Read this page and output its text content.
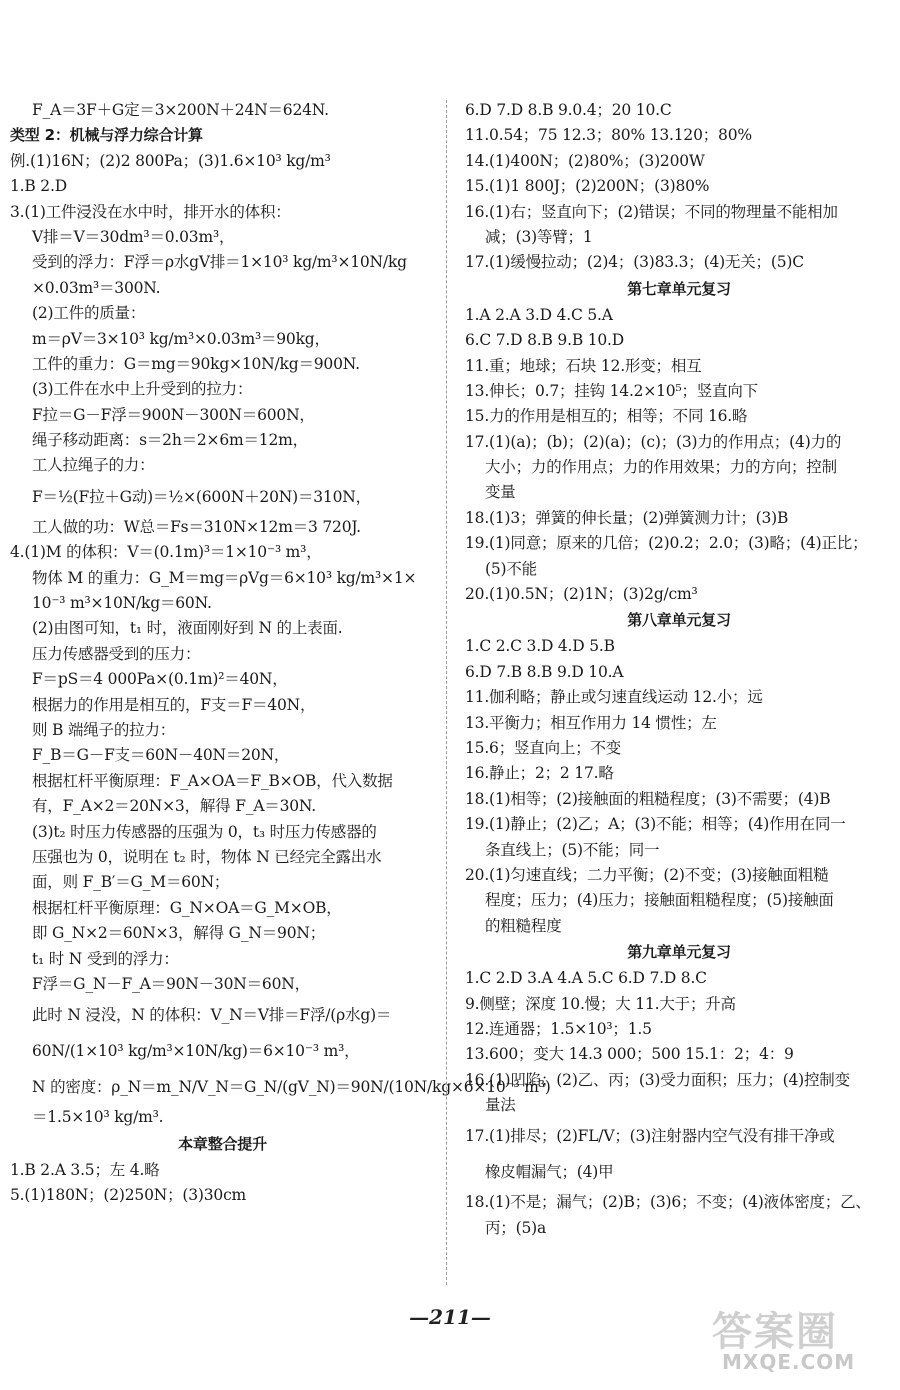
F_A＝3F＋G定＝3×200N＋24N＝624N.
类型 2：机械与浮力综合计算
例.(1)16N；(2)2 800Pa；(3)1.6×10³ kg/m³
1.B 2.D
3.(1)工件浸没在水中时，排开水的体积：
V排＝V＝30dm³＝0.03m³，
受到的浮力：F浮＝ρ水gV排＝1×10³ kg/m³×10N/kg
×0.03m³＝300N.
(2)工件的质量：
m＝ρV＝3×10³ kg/m³×0.03m³＝90kg，
工件的重力：G＝mg＝90kg×10N/kg＝900N.
(3)工件在水中上升受到的拉力：
F拉＝G－F浮＝900N－300N＝600N，
绳子移动距离：s＝2h＝2×6m＝12m，
工人拉绳子的力：
F＝½(F拉＋G动)＝½×(600N＋20N)＝310N，
工人做的功：W总＝Fs＝310N×12m＝3 720J.
4.(1)M 的体积：V＝(0.1m)³＝1×10⁻³ m³，
物体 M 的重力：G_M＝mg＝ρVg＝6×10³ kg/m³×1×
10⁻³ m³×10N/kg＝60N.
(2)由图可知，t₁ 时，液面刚好到 N 的上表面.
压力传感器受到的压力：
F＝pS＝4 000Pa×(0.1m)²＝40N，
根据力的作用是相互的，F支＝F＝40N，
则 B 端绳子的拉力：
F_B＝G－F支＝60N－40N＝20N，
根据杠杆平衡原理：F_A×OA＝F_B×OB，代入数据
有，F_A×2＝20N×3，解得 F_A＝30N.
(3)t₂ 时压力传感器的压强为 0，t₃ 时压力传感器的
压强也为 0，说明在 t₂ 时，物体 N 已经完全露出水
面，则 F_B′＝G_M＝60N；
根据杠杆平衡原理：G_N×OA＝G_M×OB，
即 G_N×2＝60N×3，解得 G_N＝90N；
t₁ 时 N 受到的浮力：
F浮＝G_N－F_A＝90N－30N＝60N，
此时 N 浸没，N 的体积：V_N＝V排＝F浮/(ρ水g)＝
60N/(1×10³ kg/m³×10N/kg)＝6×10⁻³ m³，
N 的密度：ρ_N＝m_N/V_N＝G_N/(gV_N)＝90N/(10N/kg×6×10⁻³ m³)
＝1.5×10³ kg/m³.
本章整合提升
1.B 2.A 3.5；左 4.略
5.(1)180N；(2)250N；(3)30cm
6.D 7.D 8.B 9.0.4；20 10.C
11.0.54；75 12.3；80% 13.120；80%
14.(1)400N；(2)80%；(3)200W
15.(1)1 800J；(2)200N；(3)80%
16.(1)右；竖直向下；(2)错误；不同的物理量不能相加
减；(3)等臂；1
17.(1)缓慢拉动；(2)4；(3)83.3；(4)无关；(5)C
第七章单元复习
1.A 2.A 3.D 4.C 5.A
6.C 7.D 8.B 9.B 10.D
11.重；地球；石块 12.形变；相互
13.伸长；0.7；挂钩 14.2×10⁵；竖直向下
15.力的作用是相互的；相等；不同 16.略
17.(1)(a)；(b)；(2)(a)；(c)；(3)力的作用点；(4)力的
大小；力的作用点；力的作用效果；力的方向；控制
变量
18.(1)3；弹簧的伸长量；(2)弹簧测力计；(3)B
19.(1)同意；原来的几倍；(2)0.2；2.0；(3)略；(4)正比；
(5)不能
20.(1)0.5N；(2)1N；(3)2g/cm³
第八章单元复习
1.C 2.C 3.D 4.D 5.B
6.D 7.B 8.B 9.D 10.A
11.伽利略；静止或匀速直线运动 12.小；远
13.平衡力；相互作用力 14 惯性；左
15.6；竖直向上；不变
16.静止；2；2 17.略
18.(1)相等；(2)接触面的粗糙程度；(3)不需要；(4)B
19.(1)静止；(2)乙；A；(3)不能；相等；(4)作用在同一
条直线上；(5)不能；同一
20.(1)匀速直线；二力平衡；(2)不变；(3)接触面粗糙
程度；压力；(4)压力；接触面粗糙程度；(5)接触面
的粗糙程度
第九章单元复习
1.C 2.D 3.A 4.A 5.C 6.D 7.D 8.C
9.侧壁；深度 10.慢；大 11.大于；升高
12.连通器；1.5×10³；1.5
13.600；变大 14.3 000；500 15.1：2；4：9
16.(1)凹陷；(2)乙、丙；(3)受力面积；压力；(4)控制变
量法
17.(1)排尽；(2)FL/V；(3)注射器内空气没有排干净或
橡皮帽漏气；(4)甲
18.(1)不是；漏气；(2)B；(3)6；不变；(4)液体密度；乙、
丙；(5)a
—211—	答案圈
MXQE.COM
